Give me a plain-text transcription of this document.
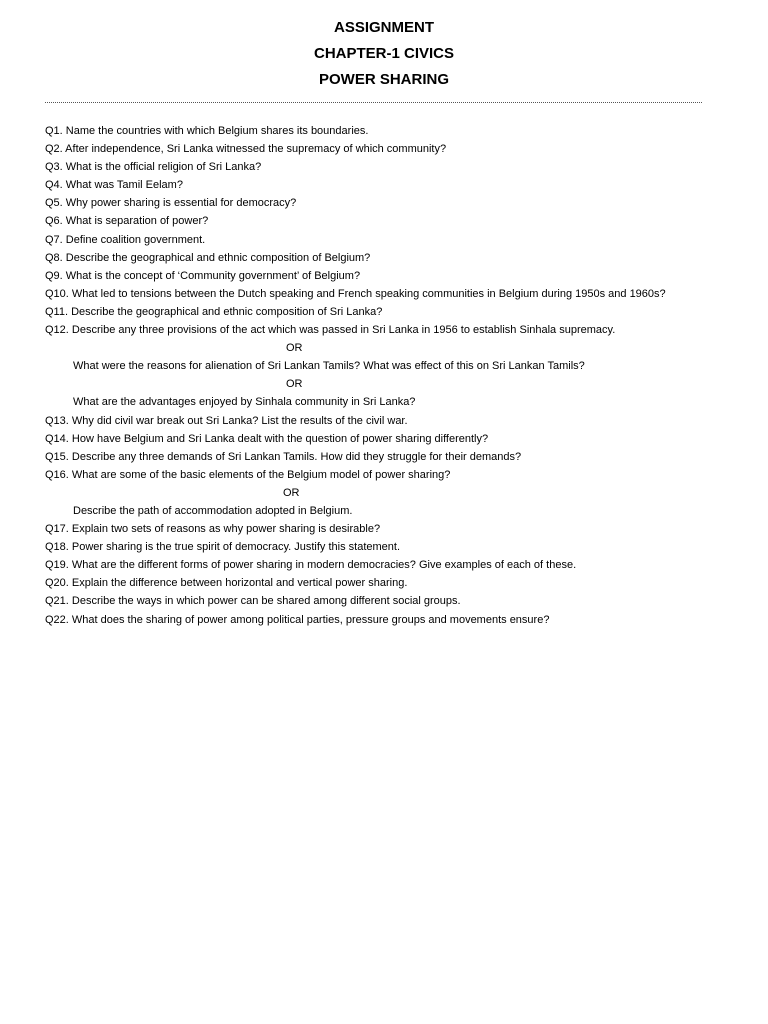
ASSIGNMENT
CHAPTER-1 CIVICS
POWER SHARING
Q1. Name the countries with which Belgium shares its boundaries.
Q2. After independence, Sri Lanka witnessed the supremacy of which community?
Q3. What is the official religion of Sri Lanka?
Q4. What was Tamil Eelam?
Q5. Why power sharing is essential for democracy?
Q6. What is separation of power?
Q7. Define coalition government.
Q8. Describe the geographical and ethnic composition of Belgium?
Q9. What is the concept of ‘Community government’ of Belgium?
Q10. What led to tensions between the Dutch speaking and French speaking communities in Belgium during 1950s and 1960s?
Q11. Describe the geographical and ethnic composition of Sri Lanka?
Q12. Describe any three provisions of the act which was passed in Sri Lanka in 1956 to establish Sinhala supremacy.
OR
What were the reasons for alienation of Sri Lankan Tamils? What was effect of this on Sri Lankan Tamils?
OR
What are the advantages enjoyed by Sinhala community in Sri Lanka?
Q13. Why did civil war break out Sri Lanka? List the results of the civil war.
Q14. How have Belgium and Sri Lanka dealt with the question of power sharing differently?
Q15. Describe any three demands of Sri Lankan Tamils. How did they struggle for their demands?
Q16. What are some of the basic elements of the Belgium model of power sharing?
OR
Describe the path of accommodation adopted in Belgium.
Q17. Explain two sets of reasons as why power sharing is desirable?
Q18. Power sharing is the true spirit of democracy. Justify this statement.
Q19. What are the different forms of power sharing in modern democracies? Give examples of each of these.
Q20. Explain the difference between horizontal and vertical power sharing.
Q21. Describe the ways in which power can be shared among different social groups.
Q22. What does the sharing of power among political parties, pressure groups and movements ensure?
